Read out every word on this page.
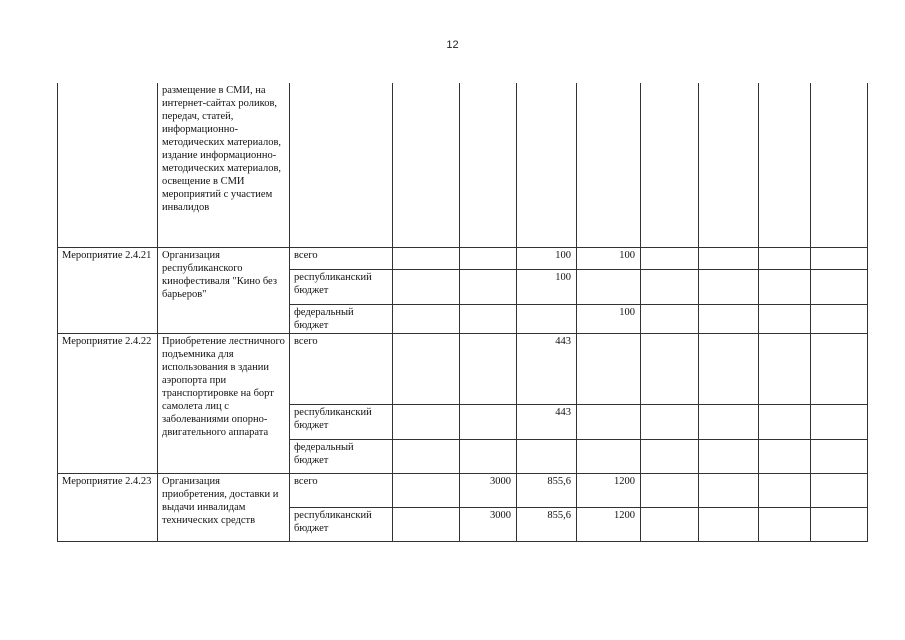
12
	размещение в СМИ, на интернет-сайтах роликов, передач, статей, информационно-методических материалов, издание информационно-методических материалов, освещение в СМИ мероприятий с участием инвалидов									
Мероприятие 2.4.21	Организация республиканского кинофестиваля "Кино без барьеров"	всего			100	100				
		республиканский бюджет			100					
		федеральный бюджет				100				
Мероприятие 2.4.22	Приобретение лестничного подъемника для использования в здании аэропорта при транспортировке на борт самолета лиц с заболеваниями опорно-двигательного аппарата	всего			443					
		республиканский бюджет			443					
		федеральный бюджет								
Мероприятие 2.4.23	Организация приобретения, доставки и выдачи инвалидам технических средств	всего		3000	855,6	1200				
		республиканский бюджет		3000	855,6	1200				
